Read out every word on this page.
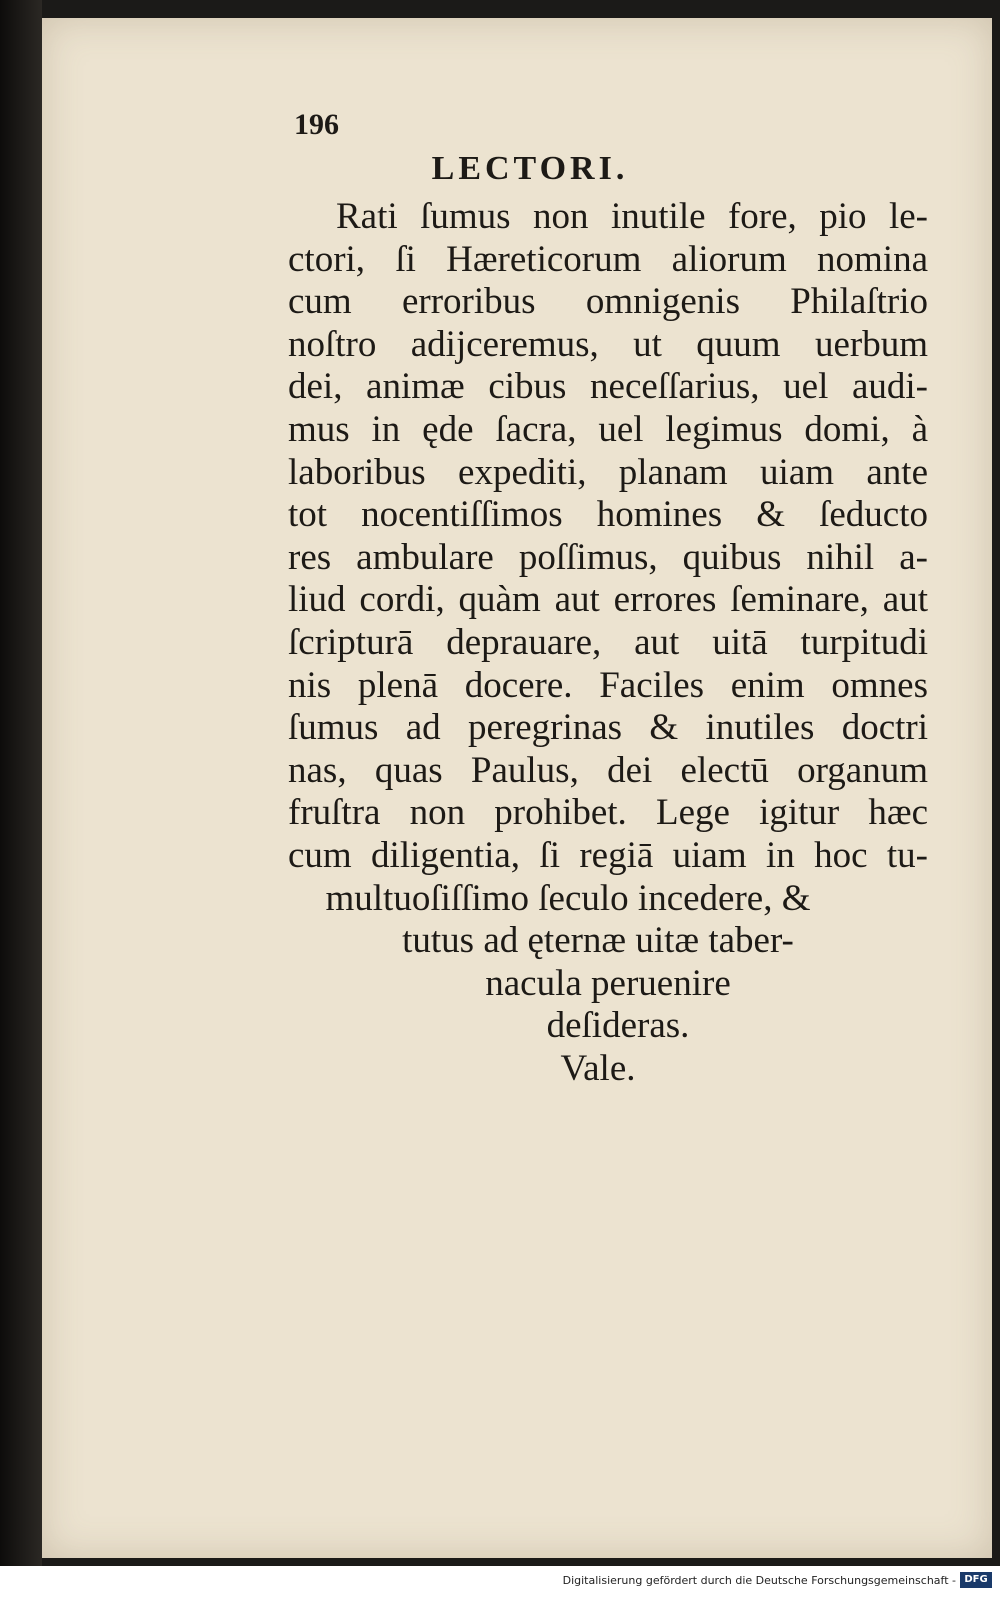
196
LECTORI.
Rati ſumus non inutile fore, pio le-
ctori, ſi Hæreticorum aliorum nomina
cum erroribus omnigenis Philaſtrio
noſtro adijceremus, ut quum uerbum
dei, animæ cibus neceſſarius, uel audi-
mus in ęde ſacra, uel legimus domi, à
laboribus expediti, planam uiam ante
tot nocentiſſimos homines & ſeducto
res ambulare poſſimus, quibus nihil a-
liud cordi, quàm aut errores ſeminare, aut
ſcripturā deprauare, aut uitā turpitudi
nis plenā docere. Faciles enim omnes
ſumus ad peregrinas & inutiles doctri
nas, quas Paulus, dei electū organum
fruſtra non prohibet. Lege igitur hæc
cum diligentia, ſi regiā uiam in hoc tu-
multuoſiſſimo ſeculo incedere, &
tutus ad ęternæ uitæ taber-
nacula peruenire
deſideras.
Vale.
Digitalisierung gefördert durch die Deutsche Forschungsgemeinschaft - DFG
